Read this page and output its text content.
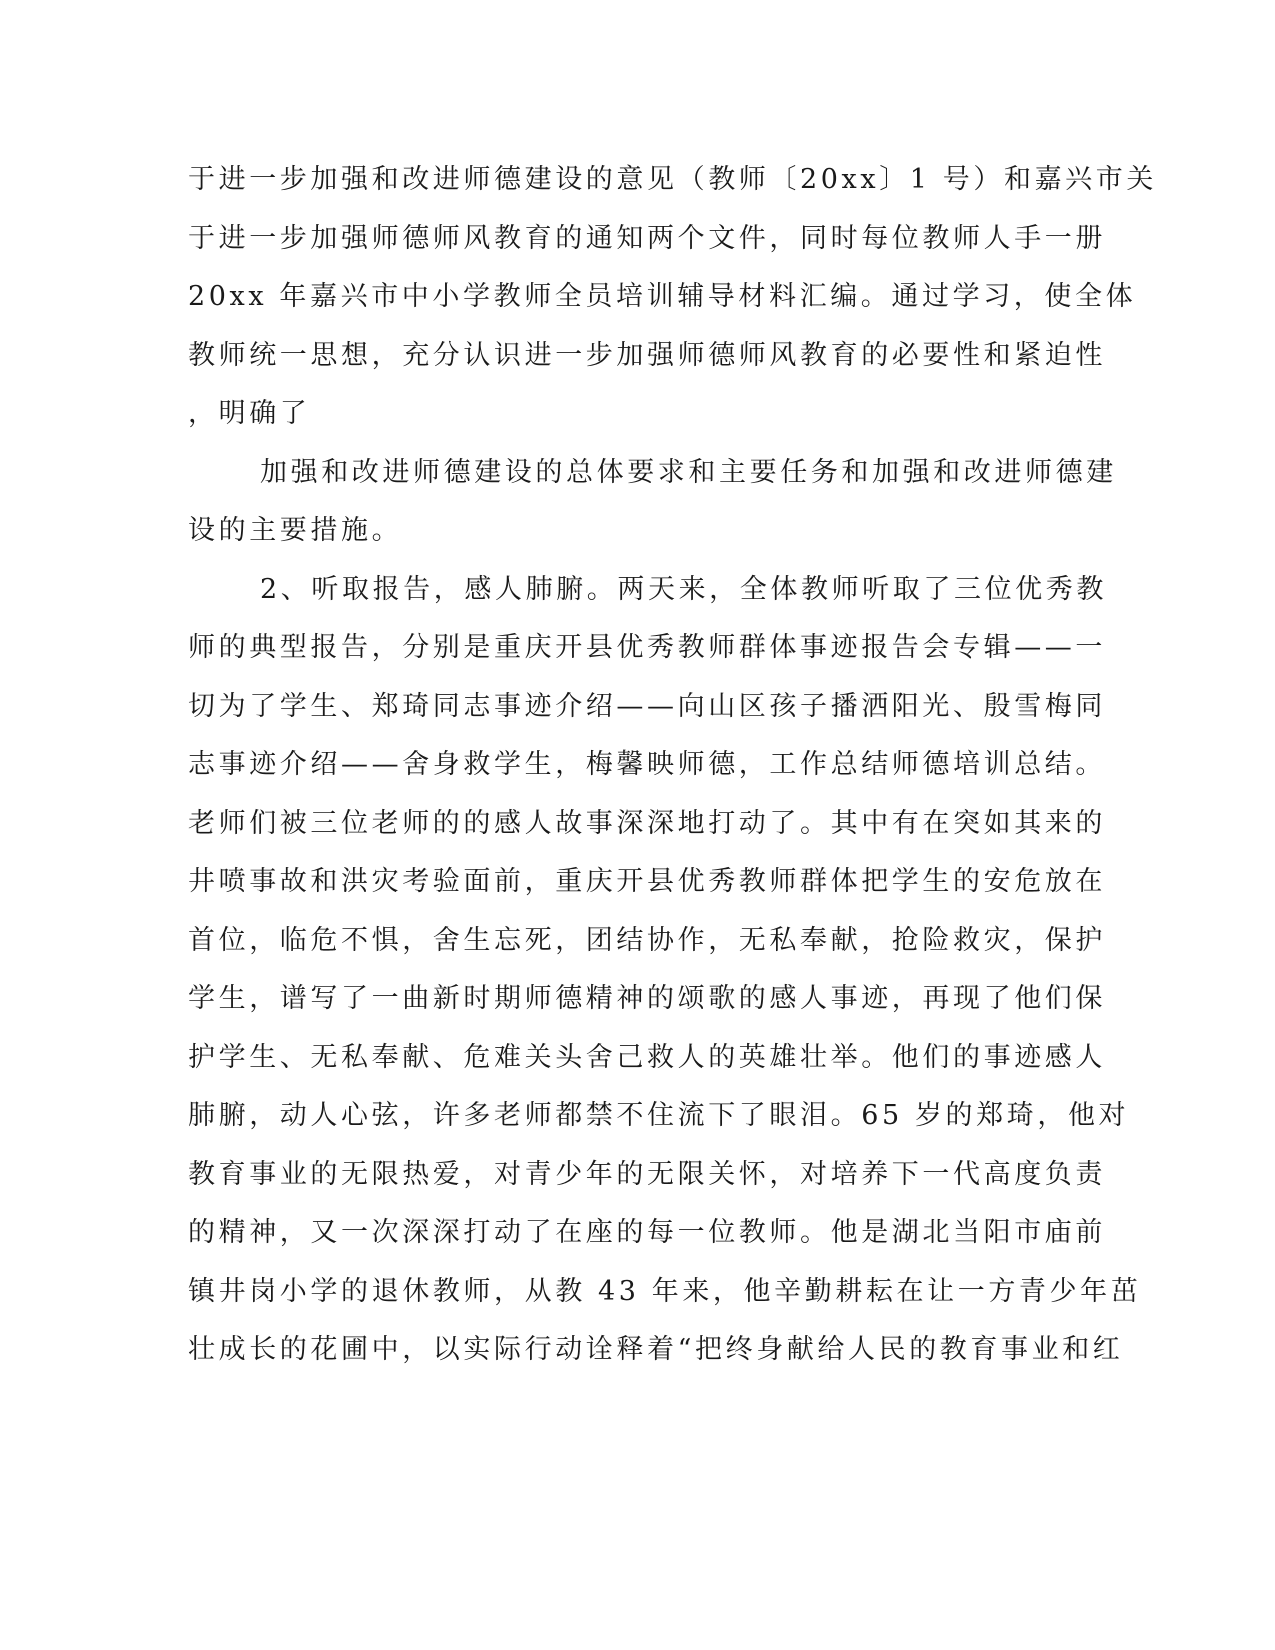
于进一步加强和改进师德建设的意见（教师〔20xx〕1 号）和嘉兴市关
于进一步加强师德师风教育的通知两个文件，同时每位教师人手一册
20xx 年嘉兴市中小学教师全员培训辅导材料汇编。通过学习，使全体
教师统一思想，充分认识进一步加强师德师风教育的必要性和紧迫性
，明确了
加强和改进师德建设的总体要求和主要任务和加强和改进师德建
设的主要措施。
2、听取报告，感人肺腑。两天来，全体教师听取了三位优秀教
师的典型报告，分别是重庆开县优秀教师群体事迹报告会专辑——一
切为了学生、郑琦同志事迹介绍——向山区孩子播洒阳光、殷雪梅同
志事迹介绍——舍身救学生，梅馨映师德，工作总结师德培训总结。
老师们被三位老师的的感人故事深深地打动了。其中有在突如其来的
井喷事故和洪灾考验面前，重庆开县优秀教师群体把学生的安危放在
首位，临危不惧，舍生忘死，团结协作，无私奉献，抢险救灾，保护
学生，谱写了一曲新时期师德精神的颂歌的感人事迹，再现了他们保
护学生、无私奉献、危难关头舍己救人的英雄壮举。他们的事迹感人
肺腑，动人心弦，许多老师都禁不住流下了眼泪。65 岁的郑琦，他对
教育事业的无限热爱，对青少年的无限关怀，对培养下一代高度负责
的精神，又一次深深打动了在座的每一位教师。他是湖北当阳市庙前
镇井岗小学的退休教师，从教 43 年来，他辛勤耕耘在让一方青少年茁
壮成长的花圃中，以实际行动诠释着“把终身献给人民的教育事业和红
